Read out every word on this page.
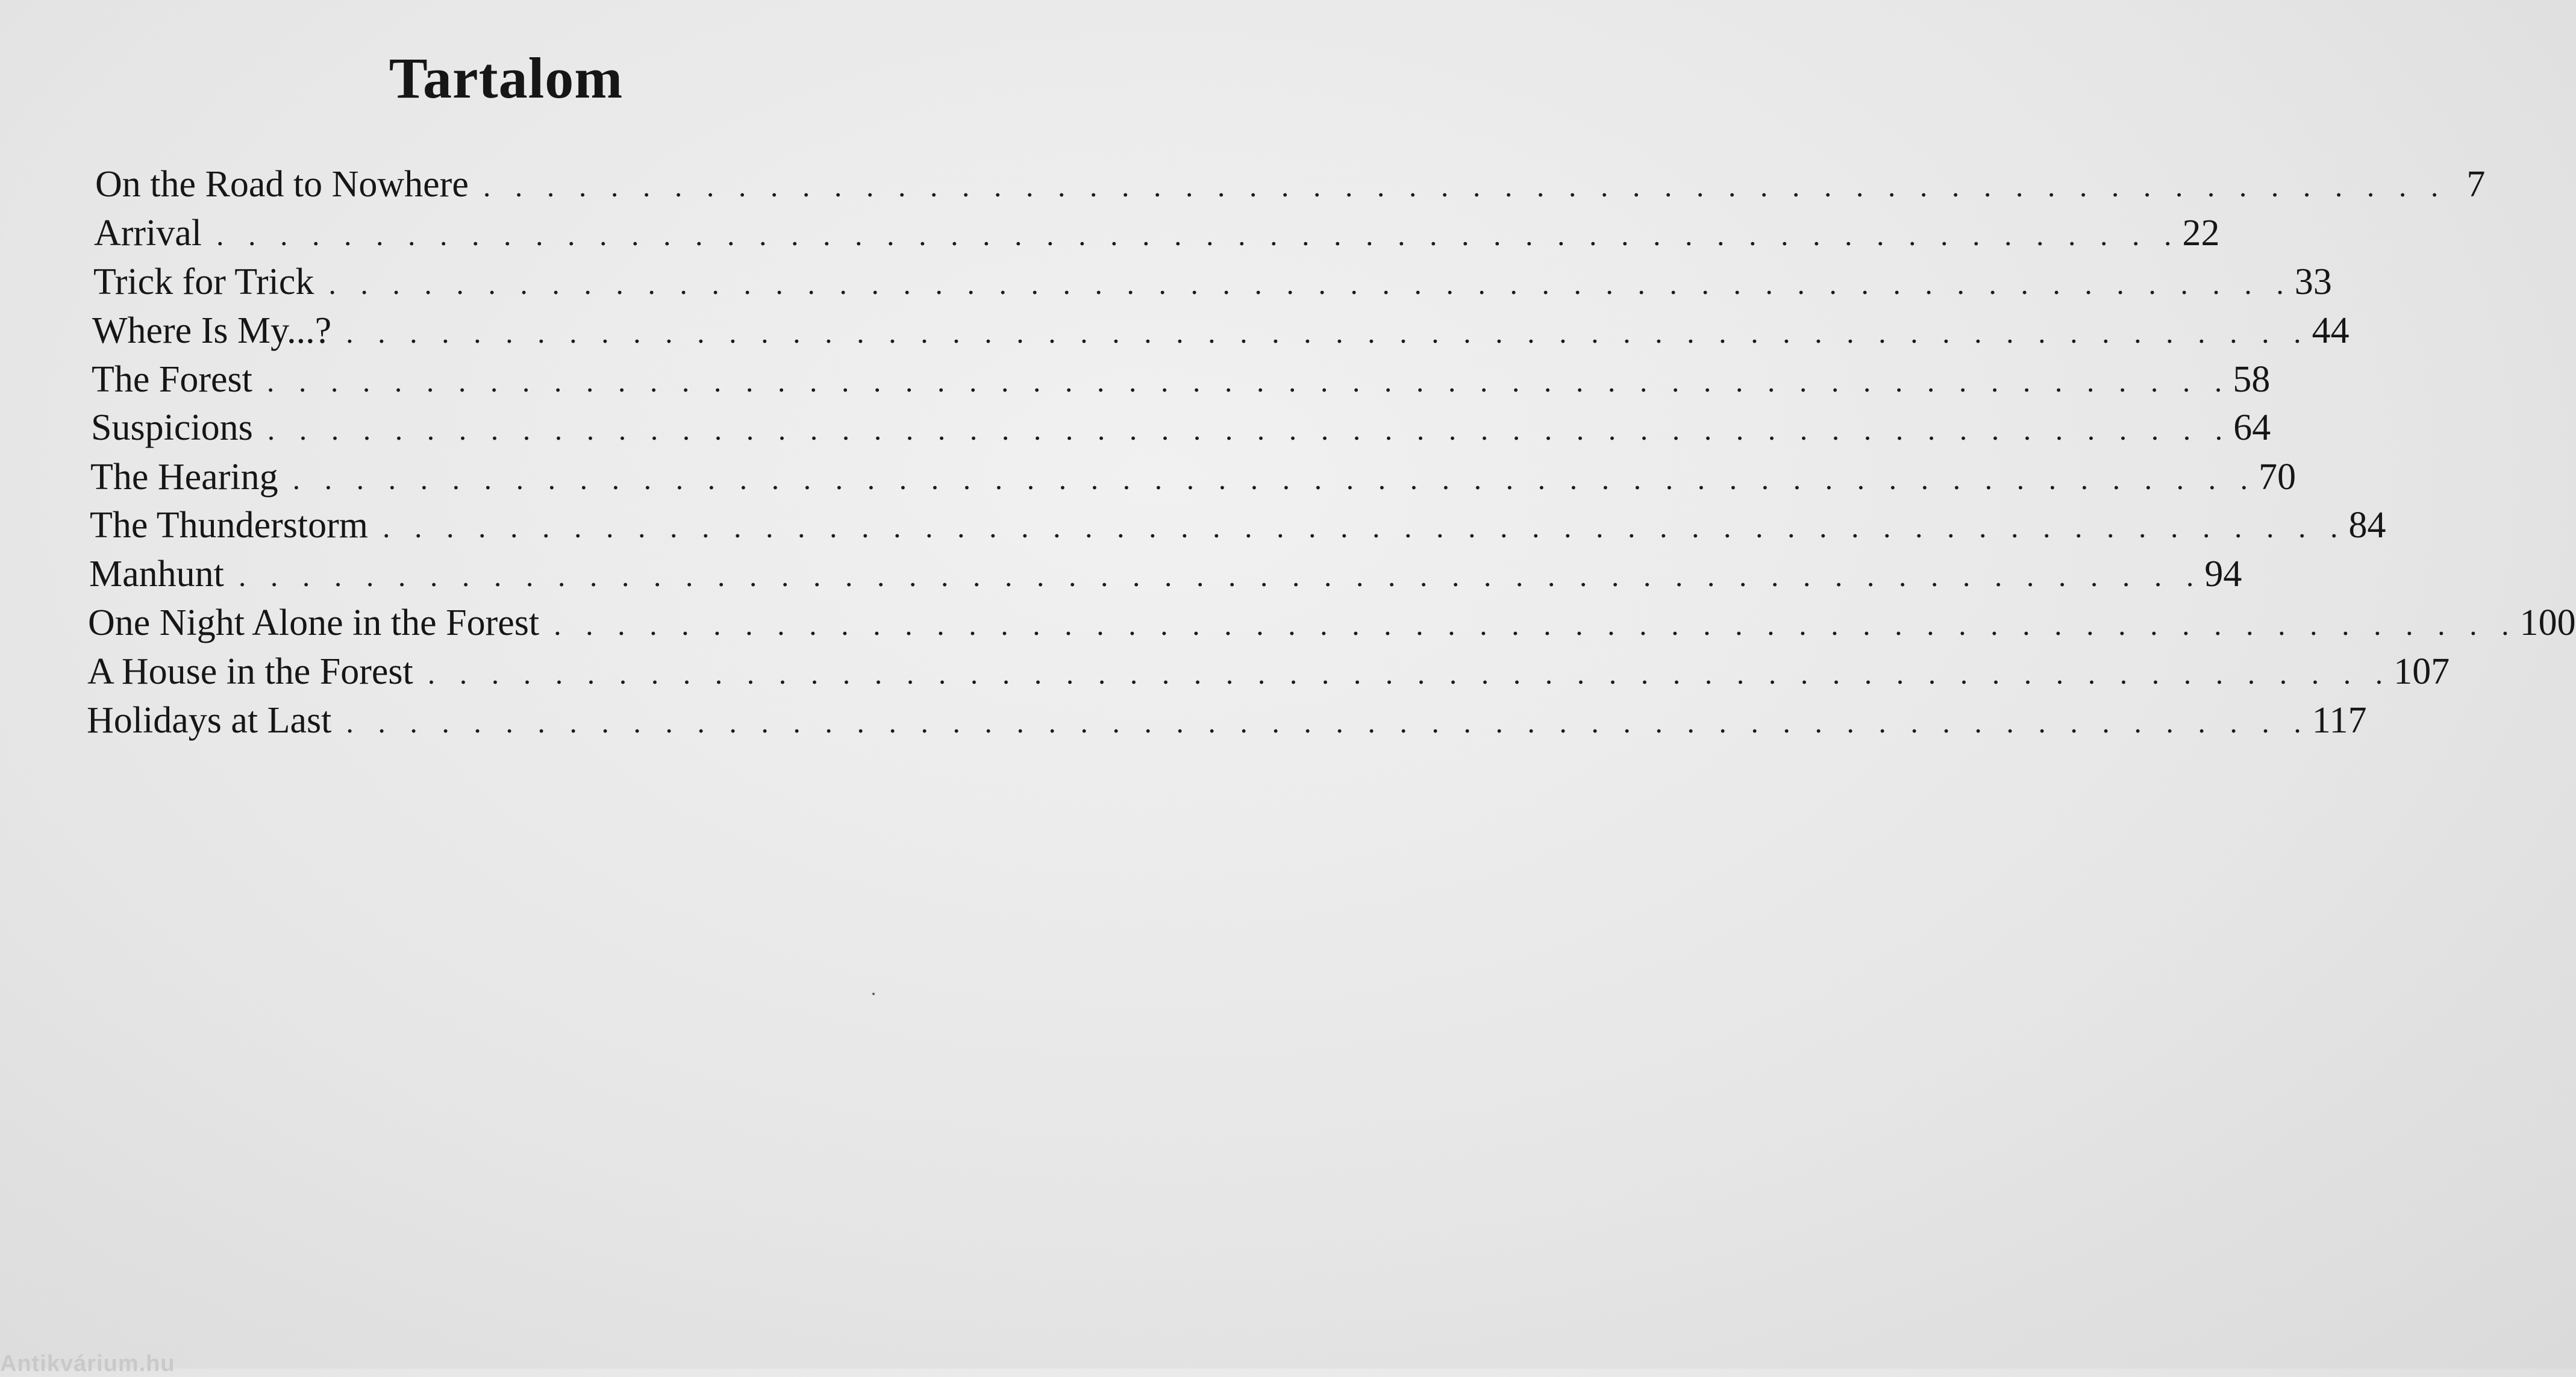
Tartalom
On the Road to Nowhere . . . . . . . . . . . . . . . . . . . . . . . . . . . . . . . . . . . . . . . . . . . . . . . . . . . . . . . . . . . . . . 7
Arrival . . . . . . . . . . . . . . . . . . . . . . . . . . . . . . . . . . . . . . . . . . . . . . . . . . . . . . . . . . . . . . 22
Trick for Trick . . . . . . . . . . . . . . . . . . . . . . . . . . . . . . . . . . . . . . . . . . . . . . . . . . . . . . . . . . . . . . 33
Where Is My...? . . . . . . . . . . . . . . . . . . . . . . . . . . . . . . . . . . . . . . . . . . . . . . . . . . . . . . . . . . . . . . 44
The Forest . . . . . . . . . . . . . . . . . . . . . . . . . . . . . . . . . . . . . . . . . . . . . . . . . . . . . . . . . . . . . . 58
Suspicions . . . . . . . . . . . . . . . . . . . . . . . . . . . . . . . . . . . . . . . . . . . . . . . . . . . . . . . . . . . . . . 64
The Hearing . . . . . . . . . . . . . . . . . . . . . . . . . . . . . . . . . . . . . . . . . . . . . . . . . . . . . . . . . . . . . . 70
The Thunderstorm . . . . . . . . . . . . . . . . . . . . . . . . . . . . . . . . . . . . . . . . . . . . . . . . . . . . . . . . . . . . . . 84
Manhunt . . . . . . . . . . . . . . . . . . . . . . . . . . . . . . . . . . . . . . . . . . . . . . . . . . . . . . . . . . . . . . 94
One Night Alone in the Forest . . . . . . . . . . . . . . . . . . . . . . . . . . . . . . . . . . . . . . . . . . . . . . . . . . . . . . . . . . . . . . 100
A House in the Forest . . . . . . . . . . . . . . . . . . . . . . . . . . . . . . . . . . . . . . . . . . . . . . . . . . . . . . . . . . . . . . 107
Holidays at Last . . . . . . . . . . . . . . . . . . . . . . . . . . . . . . . . . . . . . . . . . . . . . . . . . . . . . . . . . . . . . . 117
Antikvárium.hu
